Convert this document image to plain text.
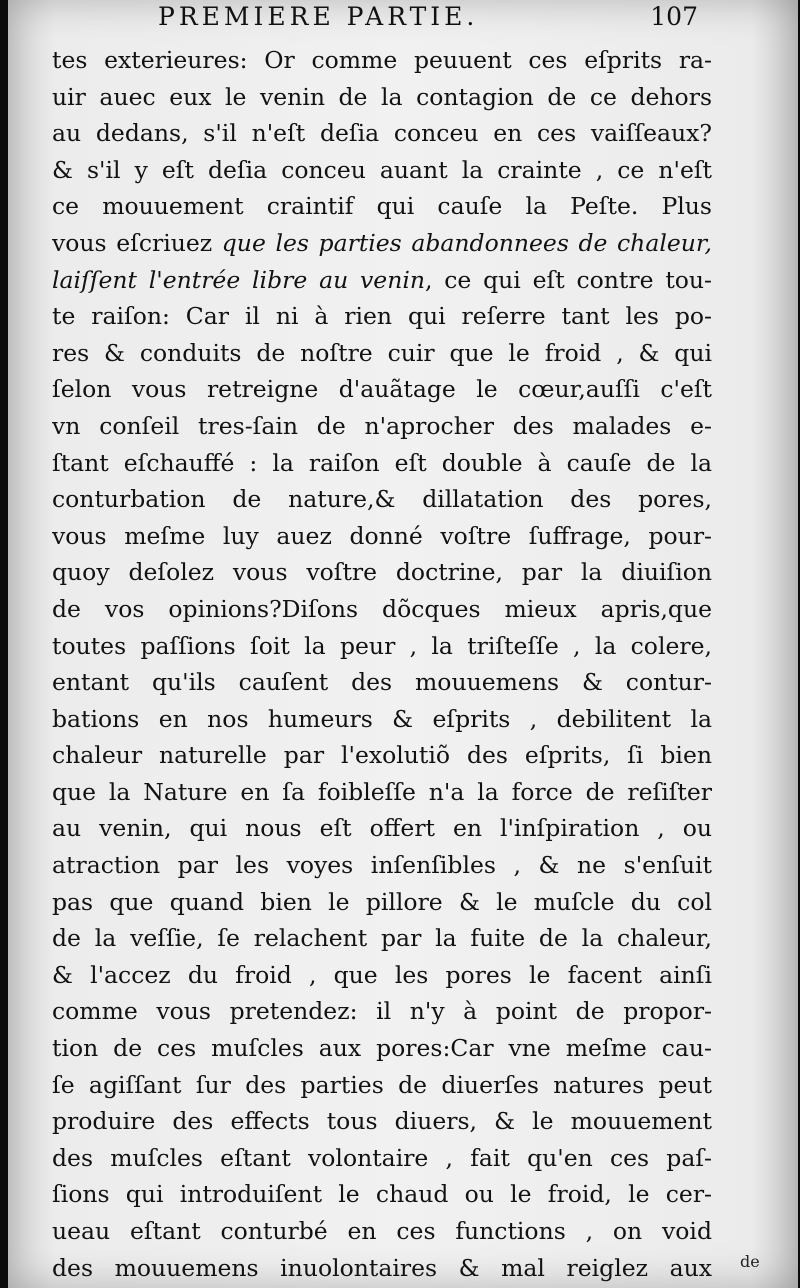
PREMIERE PARTIE.	107
tes exterieures: Or comme peuuent ces eſprits ra-
uir auec eux le venin de la contagion de ce dehors
au dedans, s'il n'eſt deſia conceu en ces vaiſſeaux?
& s'il y eſt deſia conceu auant la crainte , ce n'eſt
ce mouuement craintif qui cauſe la Peſte. Plus
vous eſcriuez que les parties abandonnees de chaleur,
laiſſent l'entrée libre au venin, ce qui eſt contre tou-
te raiſon: Car il ni à rien qui reſerre tant les po-
res & conduits de noſtre cuir que le froid , & qui
ſelon vous retreigne d'auãtage le cœur,auſſi c'eſt
vn conſeil tres-ſain de n'aprocher des malades e-
ſtant eſchauffé : la raiſon eſt double à cauſe de la
conturbation de nature,& dillatation des pores,
vous meſme luy auez donné voſtre ſuffrage, pour-
quoy deſolez vous voſtre doctrine, par la diuiſion
de vos opinions?Diſons dõcques mieux apris,que
toutes paſſions ſoit la peur , la triſteſſe , la colere,
entant qu'ils cauſent des mouuemens & contur-
bations en nos humeurs & eſprits , debilitent la
chaleur naturelle par l'exolutiõ des eſprits, ſi bien
que la Nature en ſa foibleſſe n'a la force de reſiſter
au venin, qui nous eſt offert en l'inſpiration , ou
atraction par les voyes inſenſibles , & ne s'enſuit
pas que quand bien le pillore & le muſcle du col
de la veſſie, ſe relachent par la fuite de la chaleur,
& l'accez du froid , que les pores le facent ainſi
comme vous pretendez: il n'y à point de propor-
tion de ces muſcles aux pores:Car vne meſme cau-
ſe agiſſant ſur des parties de diuerſes natures peut
produire des effects tous diuers, & le mouuement
des muſcles eſtant volontaire , fait qu'en ces paſ-
ſions qui introduiſent le chaud ou le froid, le cer-
ueau eſtant conturbé en ces functions , on void
des mouuemens inuolontaires & mal reiglez aux de
